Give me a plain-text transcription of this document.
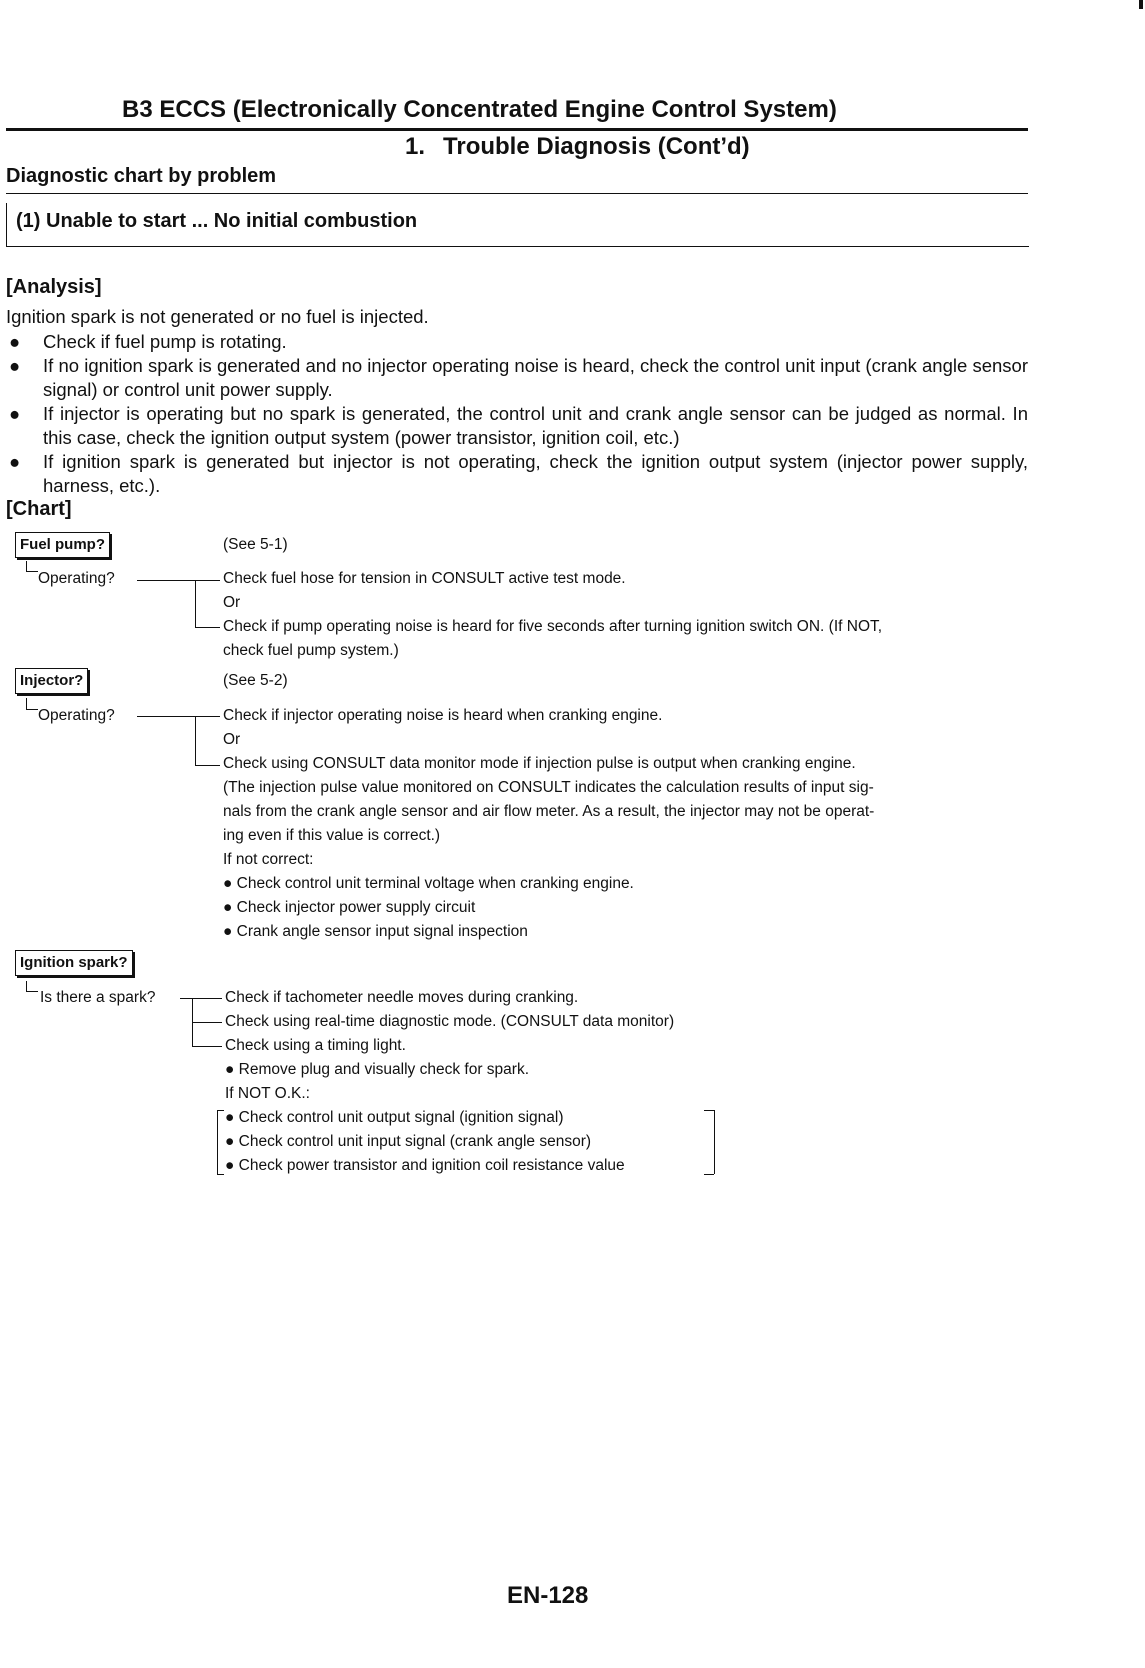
B3 ECCS (Electronically Concentrated Engine Control System)
1. Trouble Diagnosis (Cont’d)
Diagnostic chart by problem
(1) Unable to start ... No initial combustion
[Analysis]
Ignition spark is not generated or no fuel is injected.
● Check if fuel pump is rotating.
● If no ignition spark is generated and no injector operating noise is heard, check the control unit input (crank angle sensor signal) or control unit power supply.
● If injector is operating but no spark is generated, the control unit and crank angle sensor can be judged as normal. In this case, check the ignition output system (power transistor, ignition coil, etc.)
● If ignition spark is generated but injector is not operating, check the ignition output system (injector power supply, harness, etc.).
[Chart]
Fuel pump?	(See 5-1)
Operating?	Check fuel hose for tension in CONSULT active test mode.
Or
Check if pump operating noise is heard for five seconds after turning ignition switch ON. (If NOT,
check fuel pump system.)
Injector?	(See 5-2)
Operating?	Check if injector operating noise is heard when cranking engine.
Or
Check using CONSULT data monitor mode if injection pulse is output when cranking engine.
(The injection pulse value monitored on CONSULT indicates the calculation results of input sig-
nals from the crank angle sensor and air flow meter. As a result, the injector may not be operat-
ing even if this value is correct.)
If not correct:
● Check control unit terminal voltage when cranking engine.
● Check injector power supply circuit
● Crank angle sensor input signal inspection
Ignition spark?
Is there a spark?	Check if tachometer needle moves during cranking.
Check using real-time diagnostic mode. (CONSULT data monitor)
Check using a timing light.
● Remove plug and visually check for spark.
If NOT O.K.:
● Check control unit output signal (ignition signal)
● Check control unit input signal (crank angle sensor)
● Check power transistor and ignition coil resistance value
EN-128
